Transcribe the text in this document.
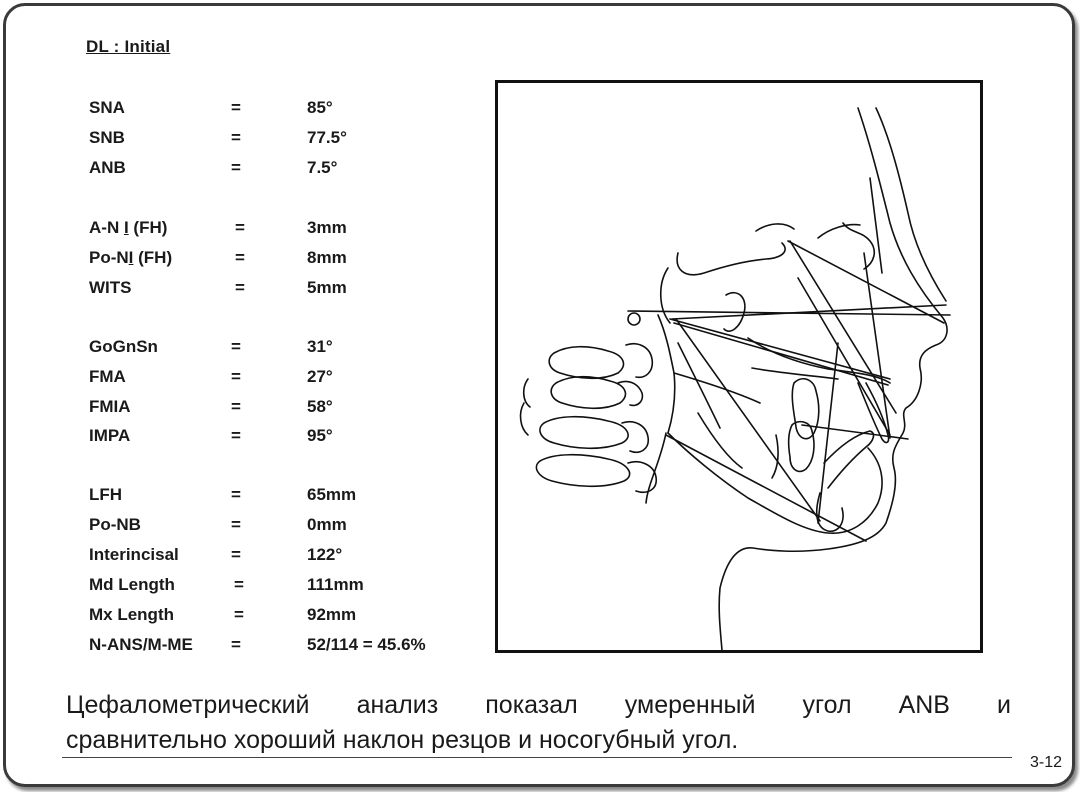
DL : Initial
SNA	=	85°
SNB	=	77.5°
ANB	=	7.5°
A-N I (FH)	=	3mm
Po-NI (FH)	=	8mm
WITS	=	5mm
GoGnSn	=	31°
FMA	=	27°
FMIA	=	58°
IMPA	=	95°
LFH	=	65mm
Po-NB	=	0mm
Interincisal	=	122°
Md Length	=	111mm
Mx Length	=	92mm
N-ANS/M-ME =	52/114 = 45.6%
Цефалометрический анализ показал умеренный угол ANB и
сравнительно хороший наклон резцов и носогубный угол.
3-12
